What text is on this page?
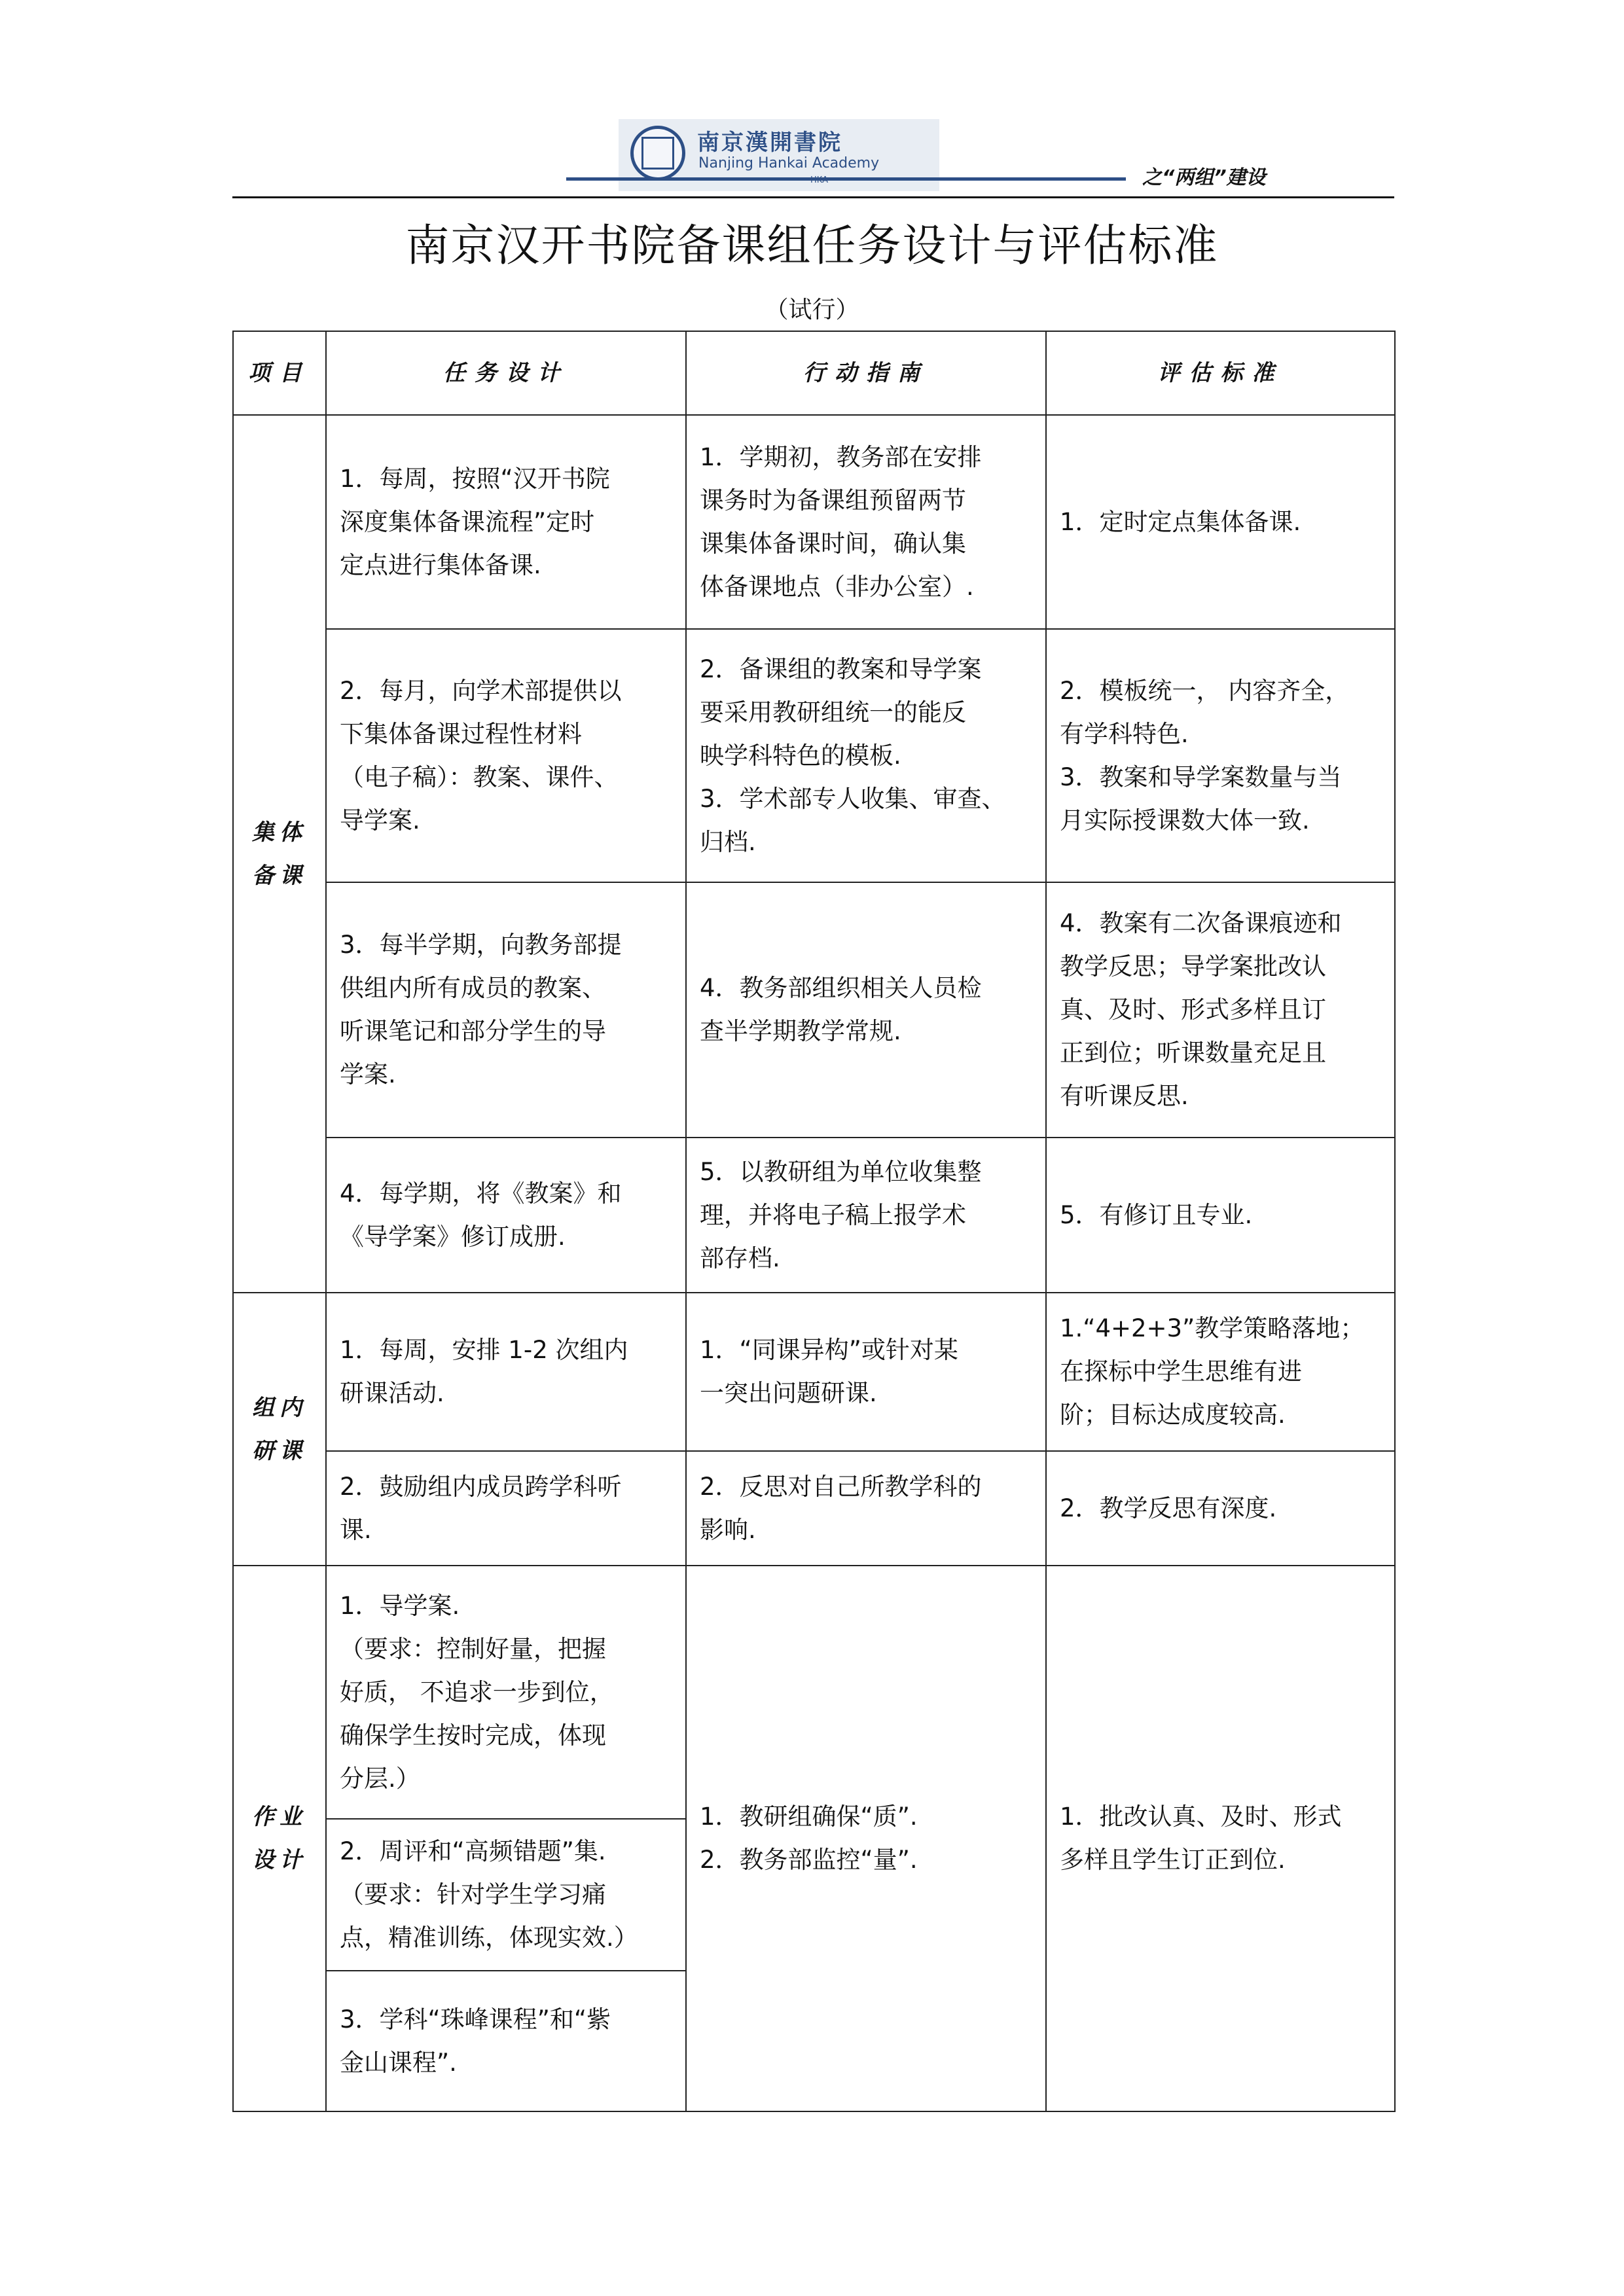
南京漢開書院
Nanjing Hankai Academy
之“两组”建设
南京汉开书院备课组任务设计与评估标准
（试行）
项目	任务设计	行动指南	评估标准

集体
备课	1．每周，按照“汉开书院
深度集体备课流程”定时
定点进行集体备课.	1．学期初，教务部在安排
课务时为备课组预留两节
课集体备课时间，确认集
体备课地点（非办公室）.	1．定时定点集体备课.

	2．每月，向学术部提供以
下集体备课过程性材料
（电子稿）：教案、课件、
导学案.	2．备课组的教案和导学案
要采用教研组统一的能反
映学科特色的模板.
3．学术部专人收集、审查、
归档.	2．模板统一， 内容齐全，
有学科特色.
3．教案和导学案数量与当
月实际授课数大体一致.

	3．每半学期，向教务部提
供组内所有成员的教案、
听课笔记和部分学生的导
学案.	4．教务部组织相关人员检
查半学期教学常规.	4．教案有二次备课痕迹和
教学反思；导学案批改认
真、及时、形式多样且订
正到位；听课数量充足且
有听课反思.

	4．每学期，将《教案》和
《导学案》修订成册.	5．以教研组为单位收集整
理，并将电子稿上报学术
部存档.	5．有修订且专业.

组内
研课	1．每周，安排 1-2 次组内
研课活动.	1．“同课异构”或针对某
一突出问题研课.	1.“4+2+3”教学策略落地；
在探标中学生思维有进
阶；目标达成度较高.

	2．鼓励组内成员跨学科听
课.	2．反思对自己所教学科的
影响.	2．教学反思有深度.

作业
设计	1．导学案.
（要求：控制好量，把握
好质， 不追求一步到位，
确保学生按时完成，体现
分层.）	1．教研组确保“质”.
2．教务部监控“量”.	1．批改认真、及时、形式
多样且学生订正到位.

	2．周评和“高频错题”集.
（要求：针对学生学习痛
点，精准训练，体现实效.）		

	3．学科“珠峰课程”和“紫
金山课程”.		
